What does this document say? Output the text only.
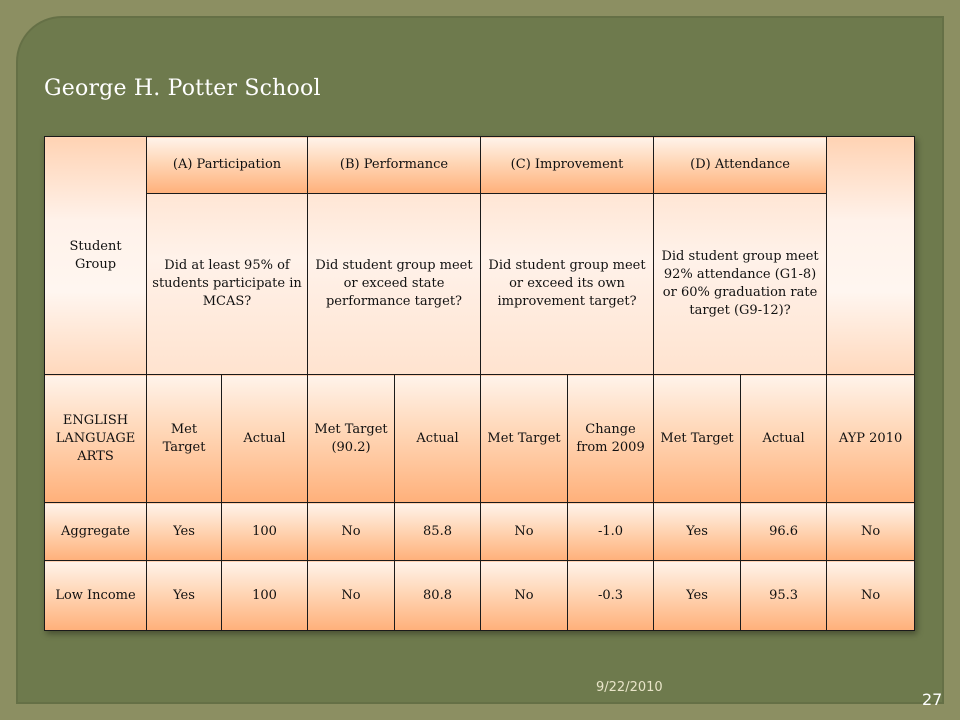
George H. Potter School
Student Group	(A) Participation		(B) Performance		(C) Improvement		(D) Attendance		
	Did at least 95% of students participate in MCAS?		Did student group meet or exceed state performance target?		Did student group meet or exceed its own improvement target?		Did student group meet 92% attendance (G1-8) or 60% graduation rate target (G9-12)?		
ENGLISH LANGUAGE ARTS	Met Target	Actual	Met Target (90.2)	Actual	Met Target	Change from 2009	Met Target	Actual	AYP 2010
Aggregate	Yes	100	No	85.8	No	-1.0	Yes	96.6	No
Low Income	Yes	100	No	80.8	No	-0.3	Yes	95.3	No
9/22/2010
27
